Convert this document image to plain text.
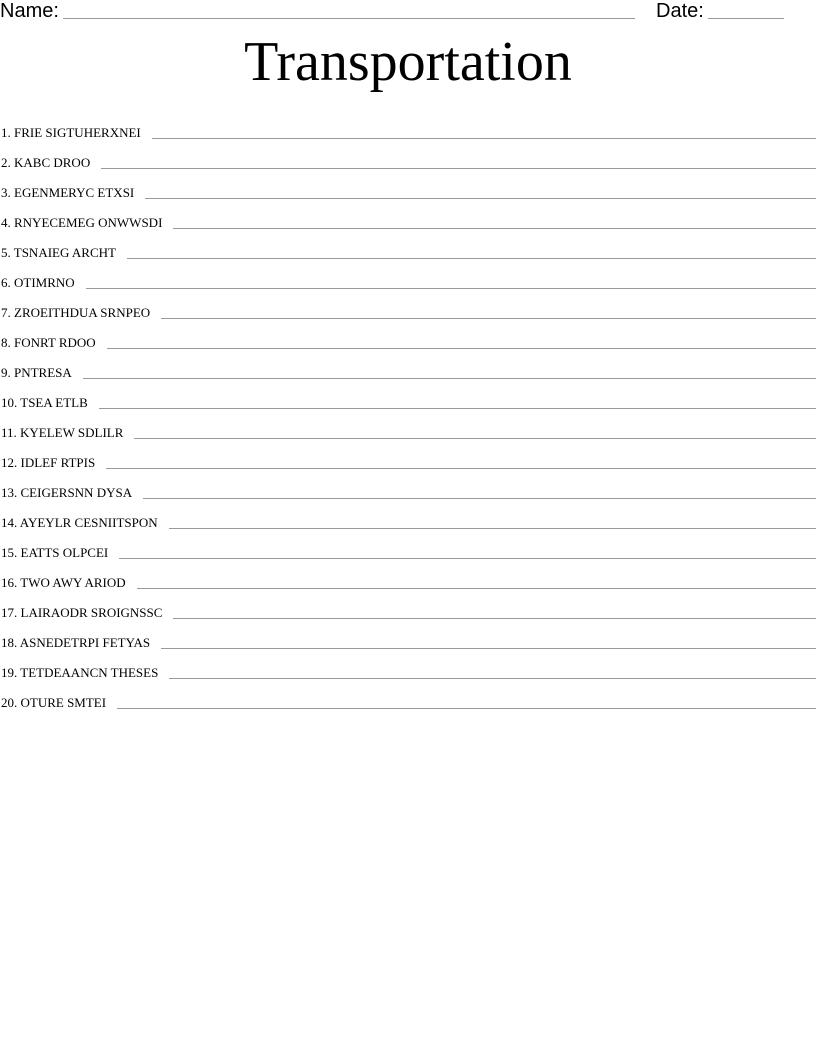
Name:	Date:
Transportation
1. FRIE SIGTUHERXNEI
2. KABC DROO
3. EGENMERYC ETXSI
4. RNYECEMEG ONWWSDI
5. TSNAIEG ARCHT
6. OTIMRNO
7. ZROEITHDUA SRNPEO
8. FONRT RDOO
9. PNTRESA
10. TSEA ETLB
11. KYELEW SDLILR
12. IDLEF RTPIS
13. CEIGERSNN DYSA
14. AYEYLR CESNIITSPON
15. EATTS OLPCEI
16. TWO AWY ARIOD
17. LAIRAODR SROIGNSSC
18. ASNEDETRPI FETYAS
19. TETDEAANCN THESES
20. OTURE SMTEI
